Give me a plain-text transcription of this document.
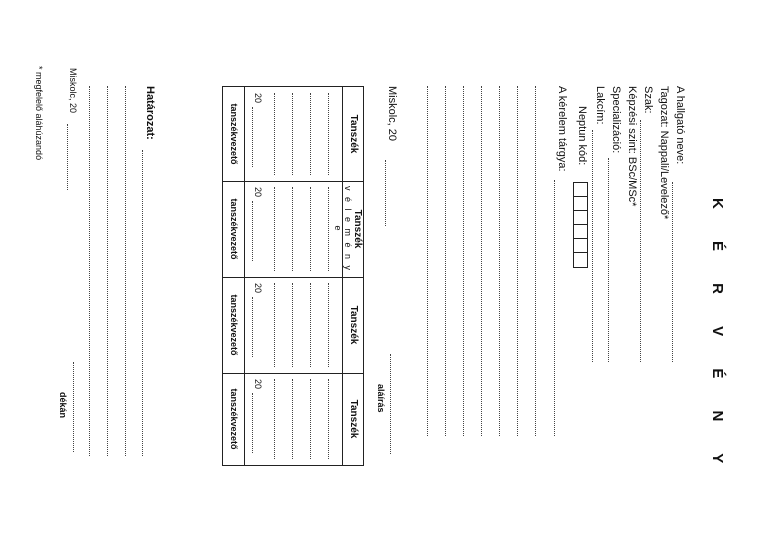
K É R V É N Y
A hallgató neve:
Tagozat: Nappali/Levelező*
Szak:
Képzési szint: BSc/MSc*
Specializáció:
Lakcím:
Neptun kód:
A kérelem tárgya:
Miskolc, 20
aláírás
Tanszék
Tanszék
v é l e m é n y e
Tanszék
Tanszék
20
20
20
20
tanszékvezető
tanszékvezető
tanszékvezető
tanszékvezető
Határozat:
Miskolc, 20
dékán
* megfelelő aláhúzandó
